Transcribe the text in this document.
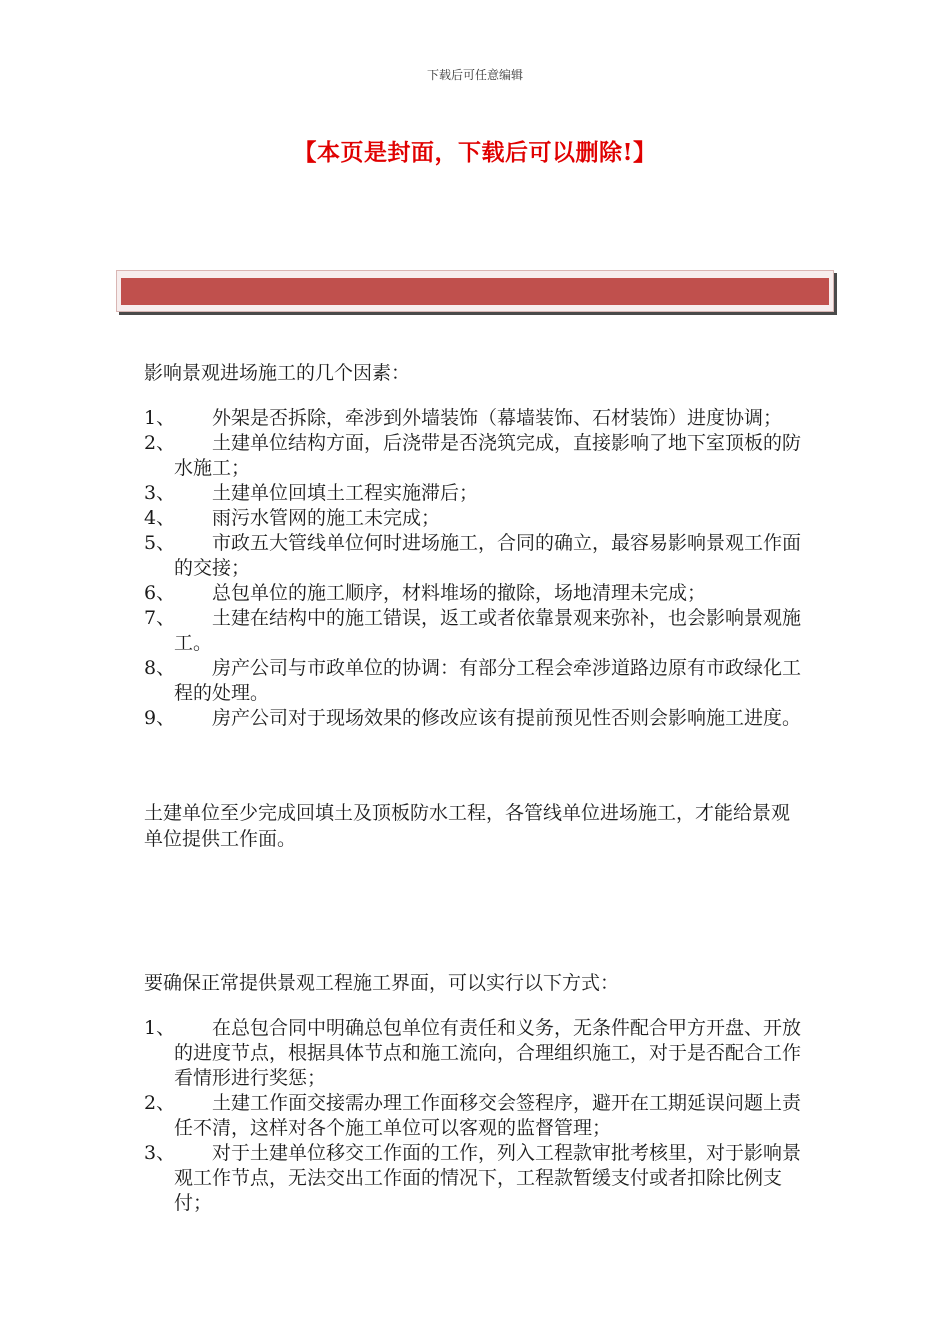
下载后可任意编辑
【本页是封面，下载后可以删除!】

影响景观进场施工的几个因素：

1、	外架是否拆除，牵涉到外墙装饰（幕墙装饰、石材装饰）进度协调；
2、	土建单位结构方面，后浇带是否浇筑完成，直接影响了地下室顶板的防水施工；
3、	土建单位回填土工程实施滞后；
4、	雨污水管网的施工未完成；
5、	市政五大管线单位何时进场施工，合同的确立，最容易影响景观工作面的交接；
6、	总包单位的施工顺序，材料堆场的撤除，场地清理未完成；
7、	土建在结构中的施工错误，返工或者依靠景观来弥补，也会影响景观施工。
8、	房产公司与市政单位的协调：有部分工程会牵涉道路边原有市政绿化工程的处理。
9、	房产公司对于现场效果的修改应该有提前预见性否则会影响施工进度。

土建单位至少完成回填土及顶板防水工程，各管线单位进场施工，才能给景观单位提供工作面。

要确保正常提供景观工程施工界面，可以实行以下方式：

1、	在总包合同中明确总包单位有责任和义务，无条件配合甲方开盘、开放的进度节点，根据具体节点和施工流向，合理组织施工，对于是否配合工作看情形进行奖惩；
2、	土建工作面交接需办理工作面移交会签程序，避开在工期延误问题上责任不清，这样对各个施工单位可以客观的监督管理；
3、	对于土建单位移交工作面的工作，列入工程款审批考核里，对于影响景观工作节点，无法交出工作面的情况下，工程款暂缓支付或者扣除比例支付；
